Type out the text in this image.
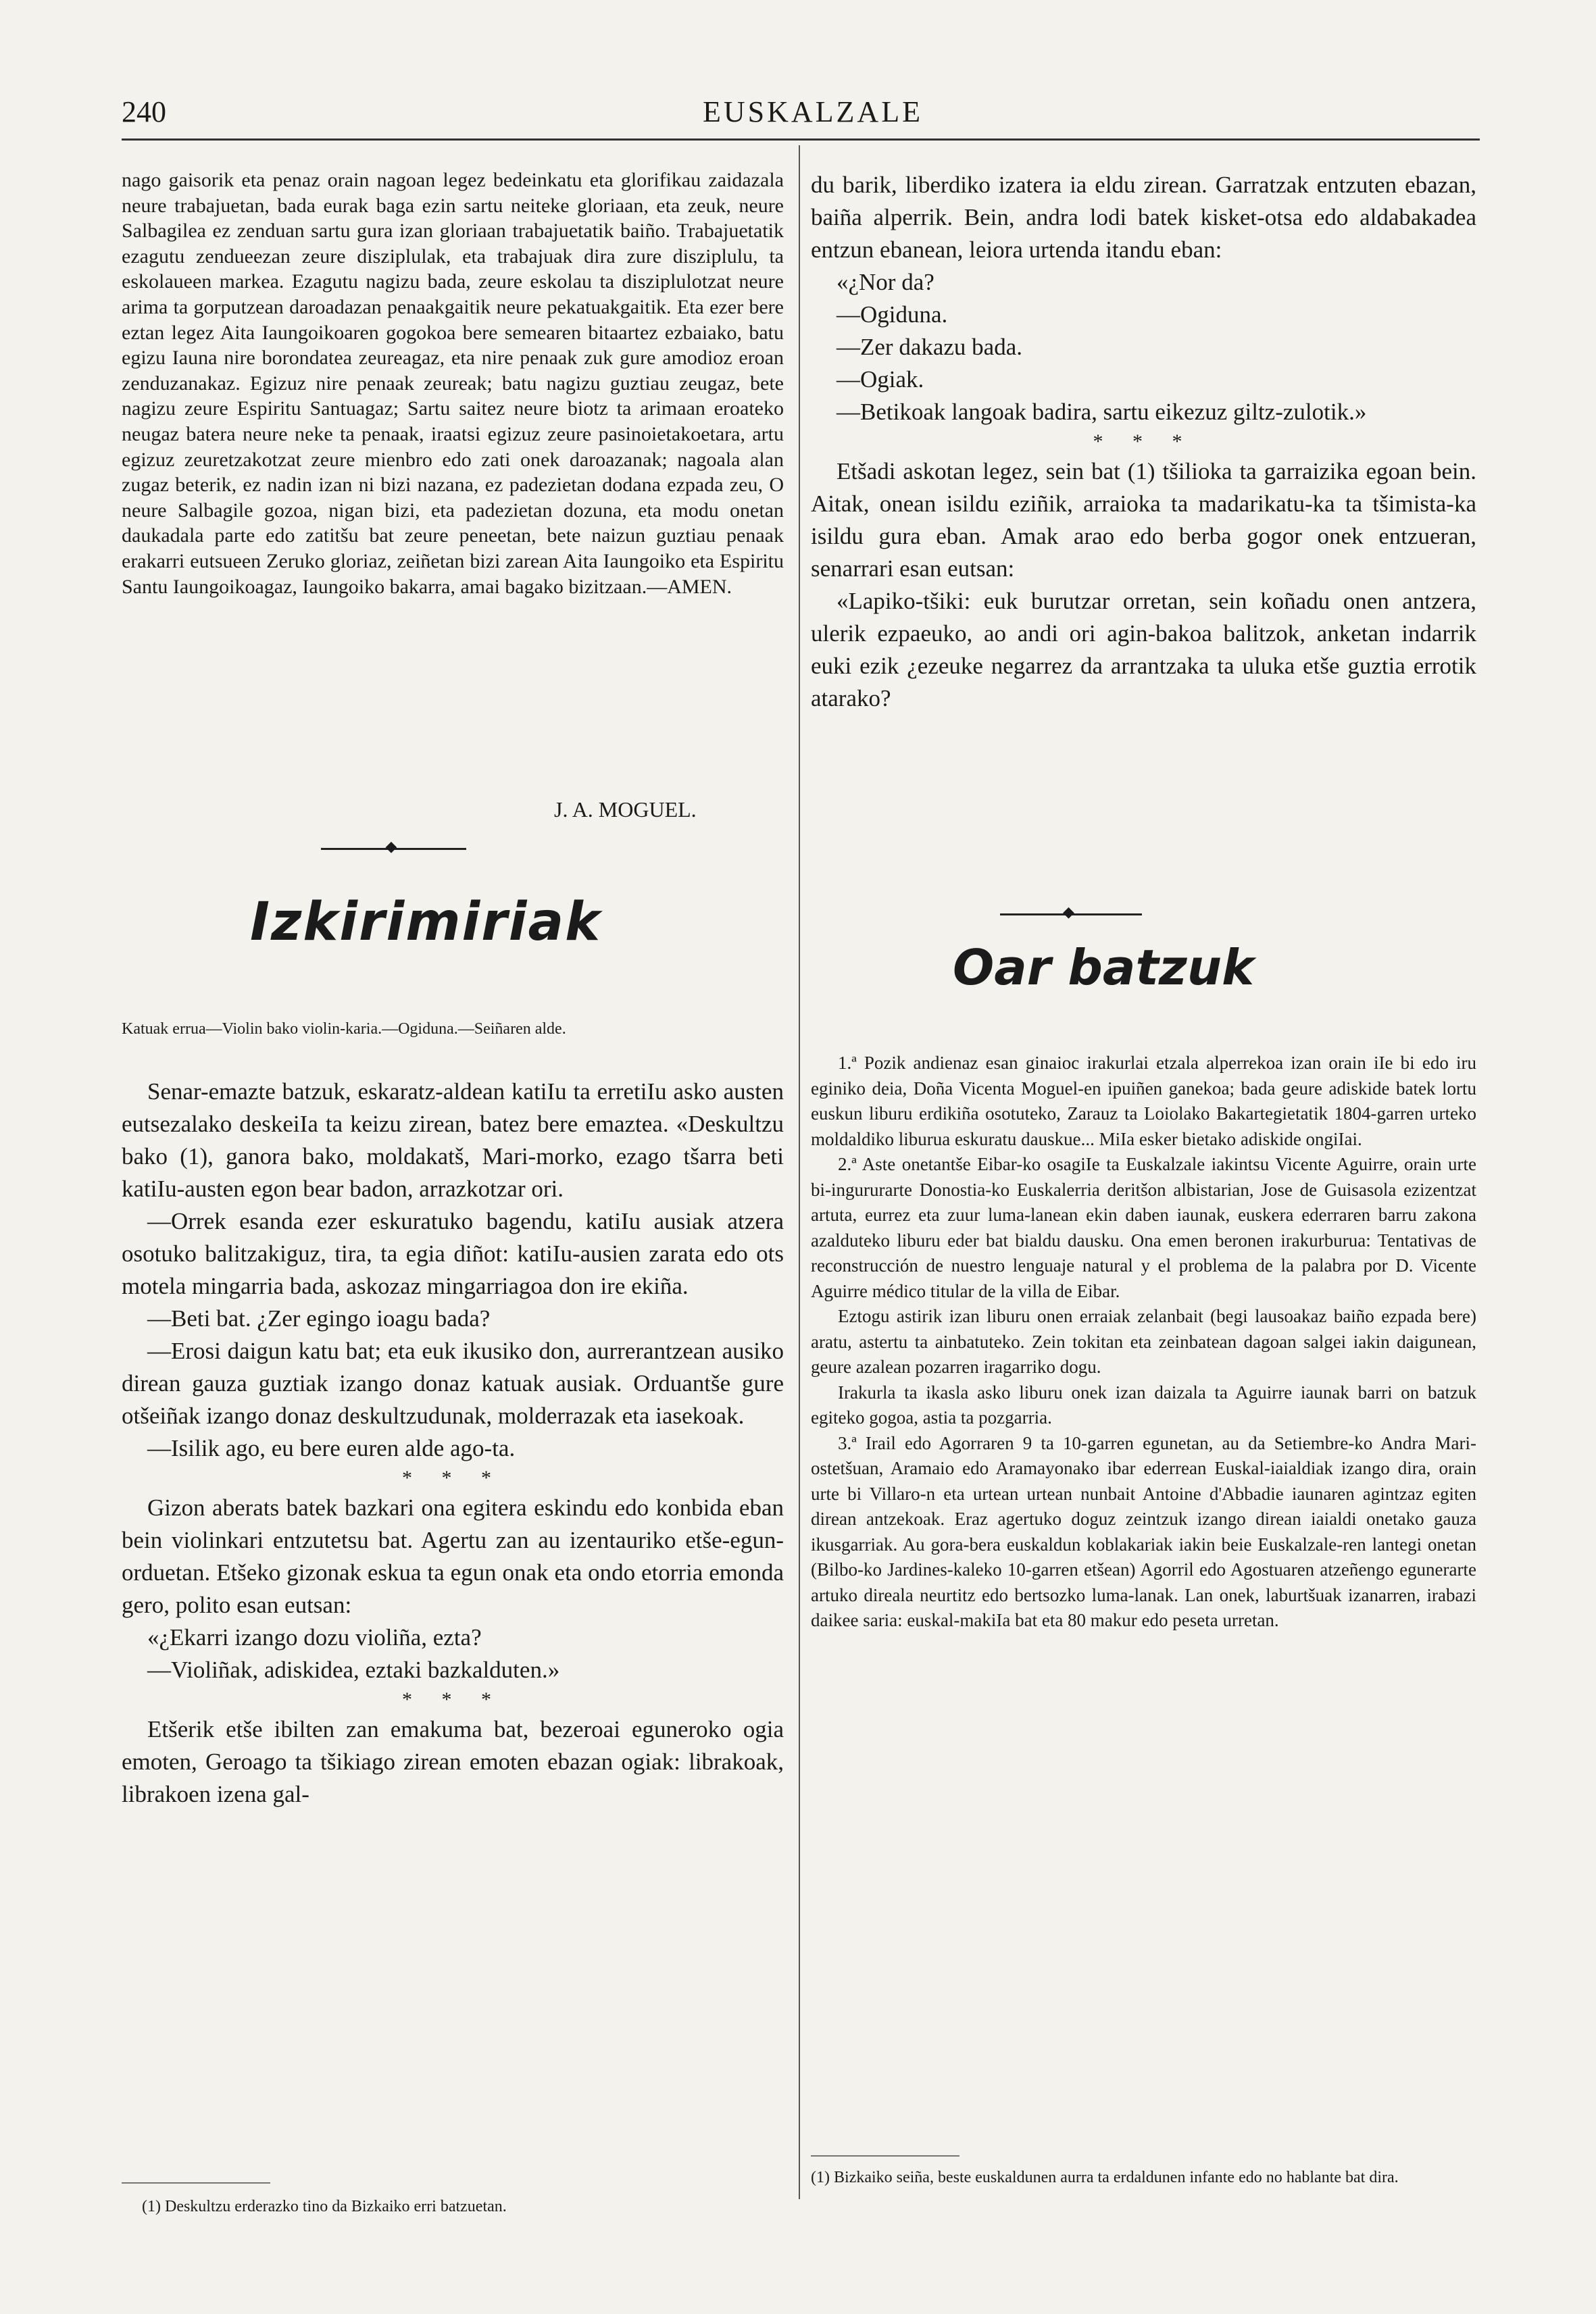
240	EUSKALZALE

nago gaisorik eta penaz orain nagoan legez bedeinkatu eta glorifikau zaidazala neure trabajuetan, bada eurak baga ezin sartu neiteke gloriaan, eta zeuk, neure Salbagilea ez zenduan sartu gura izan gloriaan trabajuetatik baiño. Trabajuetatik ezagutu zendueezan zeure disziplulak, eta trabajuak dira zure disziplulu, ta eskolaueen markea. Ezagutu nagizu bada, zeure eskolau ta disziplulotzat neure arima ta gorputzean daroadazan penaakgaitik neure pekatuakgaitik. Eta ezer bere eztan legez Aita Iaungoikoaren gogokoa bere semearen bitaartez ezbaiako, batu egizu Iauna nire borondatea zeureagaz, eta nire penaak zuk gure amodioz eroan zenduzanakaz. Egizuz nire penaak zeureak; batu nagizu guztiau zeugaz, bete nagizu zeure Espiritu Santuagaz; Sartu saitez neure biotz ta arimaan eroateko neugaz batera neure neke ta penaak, iraatsi egizuz zeure pasinoietakoetara, artu egizuz zeuretzakotzat zeure mienbro edo zati onek daroazanak; nagoala alan zugaz beterik, ez nadin izan ni bizi nazana, ez padezietan dodana ezpada zeu, O neure Salbagile gozoa, nigan bizi, eta padezietan dozuna, eta modu onetan daukadala parte edo zatitšu bat zeure peneetan, bete naizun guztiau penaak erakarri eutsueen Zeruko gloriaz, zeiñetan bizi zarean Aita Iaungoiko eta Espiritu Santu Iaungoikoagaz, Iaungoiko bakarra, amai bagako bizitzaan.—AMEN.

J. A. MOGUEL.
◆
Izkirimiriak
Katuak errua—Violin bako violin-karia.—Ogiduna.—Seiñaren alde.

Senar-emazte batzuk, eskaratz-aldean katiIu ta erretiIu asko austen eutsezalako deskeiIa ta keizu zirean, batez bere emaztea. «Deskultzu bako (1), ganora bako, moldakatš, Mari-morko, ezago tšarra beti katiIu-austen egon bear badon, arrazkotzar ori.

—Orrek esanda ezer eskuratuko bagendu, katiIu ausiak atzera osotuko balitzakiguz, tira, ta egia diñot: katiIu-ausien zarata edo ots motela mingarria bada, askozaz mingarriagoa don ire ekiña.

—Beti bat. ¿Zer egingo ioagu bada?

—Erosi daigun katu bat; eta euk ikusiko don, aurrerantzean ausiko direan gauza guztiak izango donaz katuak ausiak. Orduantše gure otšeiñak izango donaz deskultzudunak, molderrazak eta iasekoak.

—Isilik ago, eu bere euren alde ago-ta.

* * *

Gizon aberats batek bazkari ona egitera eskindu edo konbida eban bein violinkari entzutetsu bat. Agertu zan au izentauriko etše-egun-orduetan. Etšeko gizonak eskua ta egun onak eta ondo etorria emonda gero, polito esan eutsan:

«¿Ekarri izango dozu violiña, ezta?

—Violiñak, adiskidea, eztaki bazkalduten.»

* * *

Etšerik etše ibilten zan emakuma bat, bezeroai eguneroko ogia emoten, Geroago ta tšikiago zirean emoten ebazan ogiak: librakoak, librakoen izena gal-

(1) Deskultzu erderazko tino da Bizkaiko erri batzuetan.

du barik, liberdiko izatera ia eldu zirean. Garratzak entzuten ebazan, baiña alperrik. Bein, andra lodi batek kisket-otsa edo aldabakadea entzun ebanean, leiora urtenda itandu eban:

«¿Nor da?

—Ogiduna.

—Zer dakazu bada.

—Ogiak.

—Betikoak langoak badira, sartu eikezuz giltz-zulotik.»

* * *

Etšadi askotan legez, sein bat (1) tšilioka ta garraizika egoan bein. Aitak, onean isildu eziñik, arraioka ta madarikatu-ka ta tšimista-ka isildu gura eban. Amak arao edo berba gogor onek entzueran, senarrari esan eutsan:

«Lapiko-tšiki: euk burutzar orretan, sein koñadu onen antzera, ulerik ezpaeuko, ao andi ori agin-bakoa balitzok, anketan indarrik euki ezik ¿ezeuke negarrez da arrantzaka ta uluka etše guztia errotik atarako?

◆
Oar batzuk

1.ª Pozik andienaz esan ginaioc irakurlai etzala alperrekoa izan orain iIe bi edo iru eginiko deia, Doña Vicenta Moguel-en ipuiñen ganekoa; bada geure adiskide batek lortu euskun liburu erdikiña osotuteko, Zarauz ta Loiolako Bakartegietatik 1804-garren urteko moldaldiko liburua eskuratu dauskue... MiIa esker bietako adiskide ongiIai.

2.ª Aste onetantše Eibar-ko osagiIe ta Euskalzale iakintsu Vicente Aguirre, orain urte bi-ingururarte Donostia-ko Euskalerria deritšon albistarian, Jose de Guisasola ezizentzat artuta, eurrez eta zuur luma-lanean ekin daben iaunak, euskera ederraren barru zakona azalduteko liburu eder bat bialdu dausku. Ona emen beronen irakurburua: Tentativas de reconstrucción de nuestro lenguaje natural y el problema de la palabra por D. Vicente Aguirre médico titular de la villa de Eibar.

Eztogu astirik izan liburu onen erraiak zelanbait (begi lausoakaz baiño ezpada bere) aratu, astertu ta ainbatuteko. Zein tokitan eta zeinbatean dagoan salgei iakin daigunean, geure azalean pozarren iragarriko dogu.

Irakurla ta ikasla asko liburu onek izan daizala ta Aguirre iaunak barri on batzuk egiteko gogoa, astia ta pozgarria.

3.ª Irail edo Agorraren 9 ta 10-garren egunetan, au da Setiembre-ko Andra Mari-ostetšuan, Aramaio edo Aramayonako ibar ederrean Euskal-iaialdiak izango dira, orain urte bi Villaro-n eta urtean urtean nunbait Antoine d'Abbadie iaunaren agintzaz egiten direan antzekoak. Eraz agertuko doguz zeintzuk izango direan iaialdi onetako gauza ikusgarriak. Au gora-bera euskaldun koblakariak iakin beie Euskalzale-ren lantegi onetan (Bilbo-ko Jardines-kaleko 10-garren etšean) Agorril edo Agostuaren atzeñengo egunerarte artuko direala neurtitz edo bertsozko luma-lanak. Lan onek, laburtšuak izanarren, irabazi daikee saria: euskal-makiIa bat eta 80 makur edo peseta urretan.

(1) Bizkaiko seiña, beste euskaldunen aurra ta erdaldunen infante edo no hablante bat dira.
